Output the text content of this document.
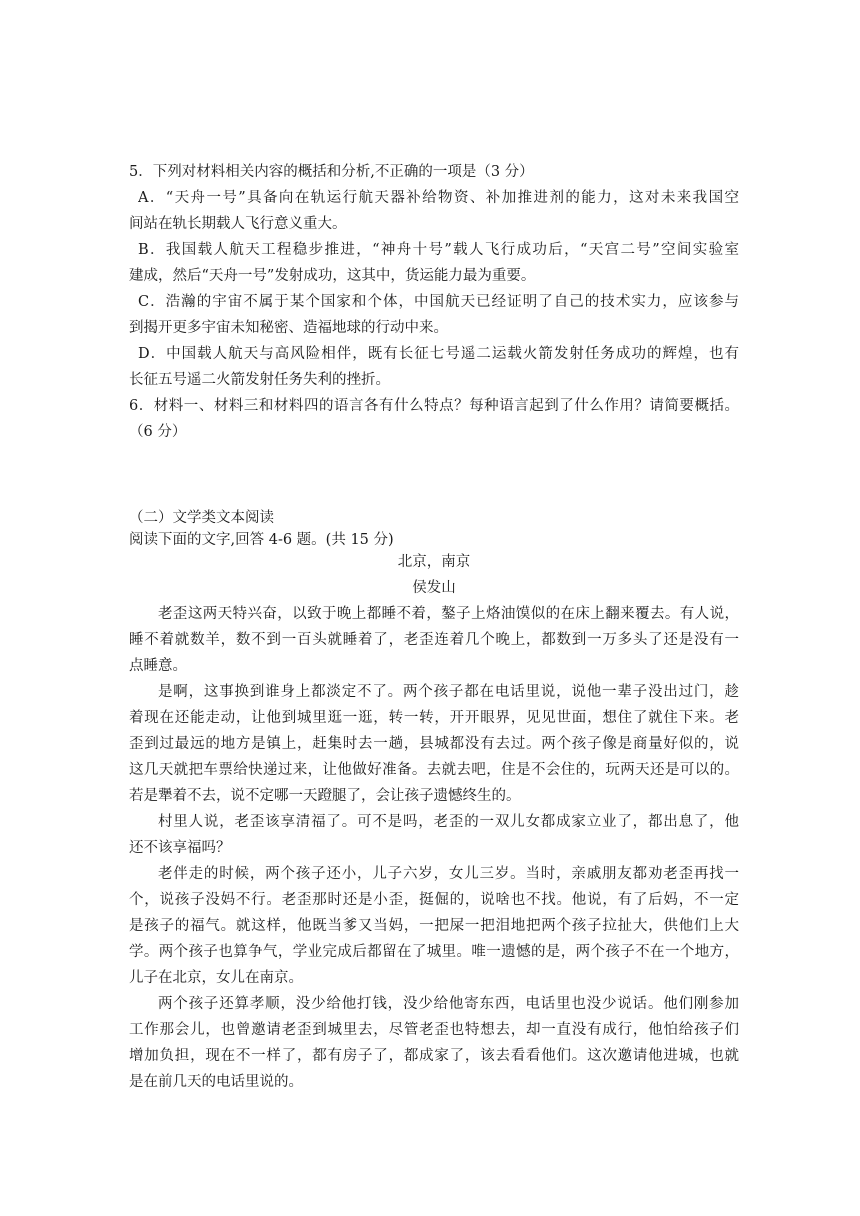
5．下列对材料相关内容的概括和分析,不正确的一项是（3 分）
A．“天舟一号”具备向在轨运行航天器补给物资、补加推进剂的能力，这对未来我国空
间站在轨长期载人飞行意义重大。
B．我国载人航天工程稳步推进，“神舟十号”载人飞行成功后，“天宫二号”空间实验室
建成，然后“天舟一号”发射成功，这其中，货运能力最为重要。
C．浩瀚的宇宙不属于某个国家和个体，中国航天已经证明了自己的技术实力，应该参与
到揭开更多宇宙未知秘密、造福地球的行动中来。
D．中国载人航天与高风险相伴，既有长征七号遥二运载火箭发射任务成功的辉煌，也有
长征五号遥二火箭发射任务失利的挫折。
6．材料一、材料三和材料四的语言各有什么特点？每种语言起到了什么作用？请简要概括。
（6 分）
（二）文学类文本阅读
阅读下面的文字,回答 4-6 题。(共 15 分)
北京，南京
侯发山
老歪这两天特兴奋，以致于晚上都睡不着，鏊子上烙油馍似的在床上翻来覆去。有人说，
睡不着就数羊，数不到一百头就睡着了，老歪连着几个晚上，都数到一万多头了还是没有一
点睡意。
是啊，这事换到谁身上都淡定不了。两个孩子都在电话里说，说他一辈子没出过门，趁
着现在还能走动，让他到城里逛一逛，转一转，开开眼界，见见世面，想住了就住下来。老
歪到过最远的地方是镇上，赶集时去一趟，县城都没有去过。两个孩子像是商量好似的，说
这几天就把车票给快递过来，让他做好准备。去就去吧，住是不会住的，玩两天还是可以的。
若是犟着不去，说不定哪一天蹬腿了，会让孩子遗憾终生的。
村里人说，老歪该享清福了。可不是吗，老歪的一双儿女都成家立业了，都出息了，他
还不该享福吗？
老伴走的时候，两个孩子还小，儿子六岁，女儿三岁。当时，亲戚朋友都劝老歪再找一
个，说孩子没妈不行。老歪那时还是小歪，挺倔的，说啥也不找。他说，有了后妈，不一定
是孩子的福气。就这样，他既当爹又当妈，一把屎一把泪地把两个孩子拉扯大，供他们上大
学。两个孩子也算争气，学业完成后都留在了城里。唯一遗憾的是，两个孩子不在一个地方，
儿子在北京，女儿在南京。
两个孩子还算孝顺，没少给他打钱，没少给他寄东西，电话里也没少说话。他们刚参加
工作那会儿，也曾邀请老歪到城里去，尽管老歪也特想去，却一直没有成行，他怕给孩子们
增加负担，现在不一样了，都有房子了，都成家了，该去看看他们。这次邀请他进城，也就
是在前几天的电话里说的。
